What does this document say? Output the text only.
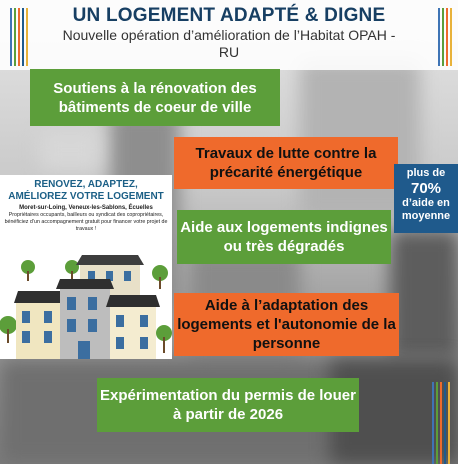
UN LOGEMENT ADAPTÉ & DIGNE
Nouvelle opération d’amélioration de l’Habitat OPAH - RU
Soutiens à la rénovation des bâtiments de coeur de ville
Travaux de lutte contre la précarité énergétique
Aide aux logements indignes ou très dégradés
Aide à l’adaptation des logements et l'autonomie de la personne
Expérimentation du permis de louer à partir de 2026
plus de
70%
d’aide en moyenne
RENOVEZ, ADAPTEZ,
AMÉLIOREZ VOTRE LOGEMENT
Moret-sur-Loing, Veneux-les-Sablons, Écuelles
Propriétaires occupants, bailleurs ou syndicat des copropriétaires, bénéficiez d’un accompagnement gratuit pour financer votre projet de travaux !
